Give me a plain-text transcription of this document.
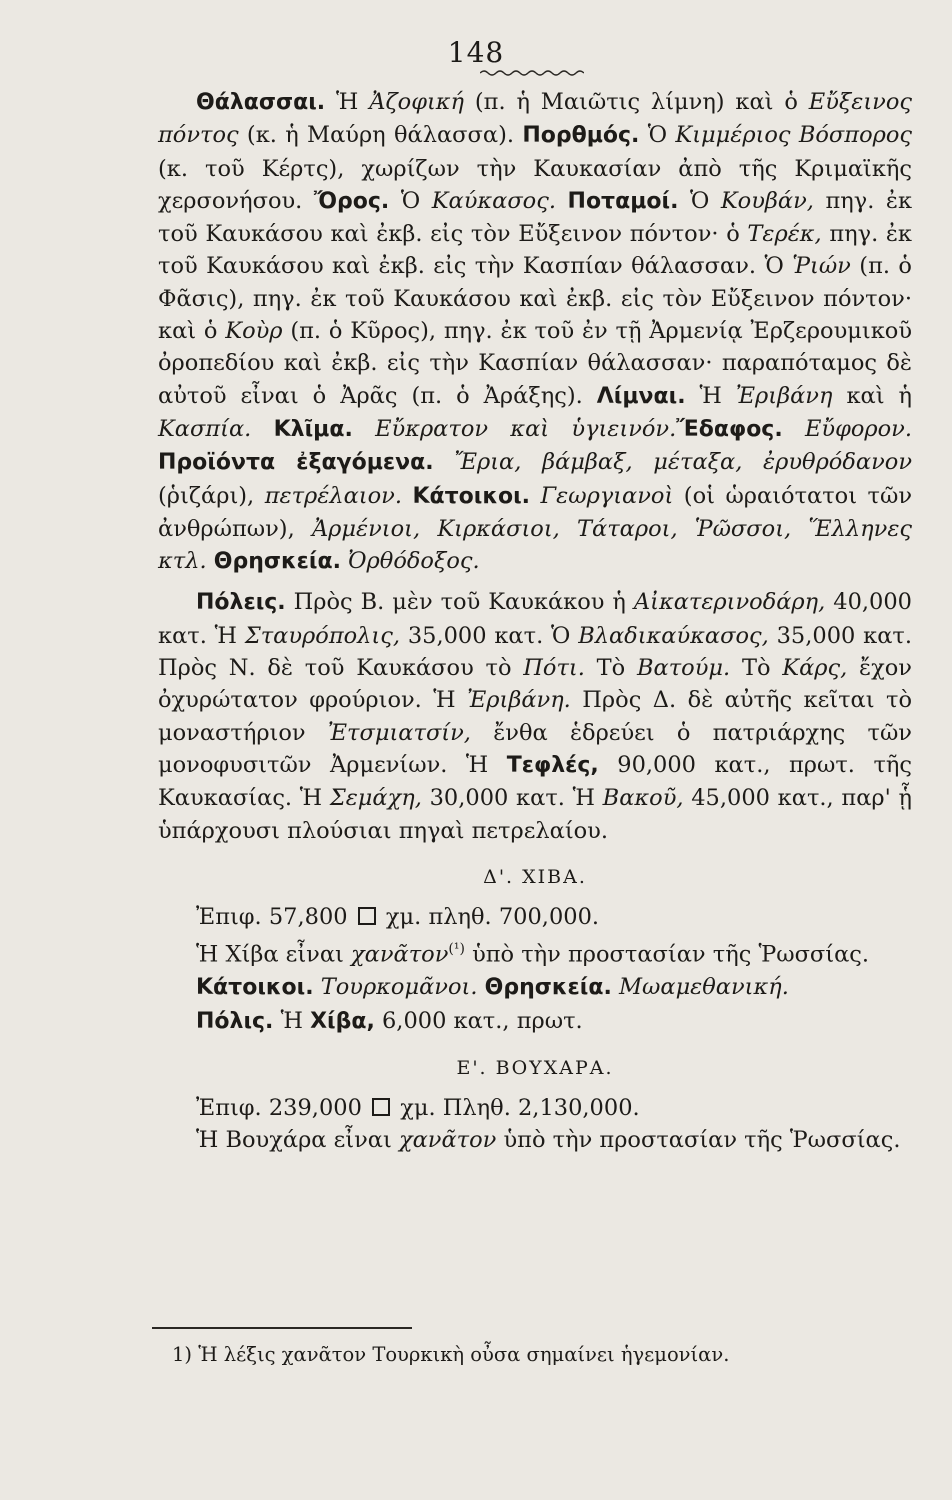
148

Θάλασσαι. Ἡ Ἀζοφική (π. ἡ Μαιῶτις λίμνη) καὶ ὁ Εὔξεινος πόντος (κ. ἡ Μαύρη θάλασσα). Πορθμός. Ὁ Κιμμέριος Βόσπορος (κ. τοῦ Κέρτς), χωρίζων τὴν Καυκασίαν ἀπὸ τῆς Κριμαϊκῆς χερσονήσου. Ὄρος. Ὁ Καύκασος. Ποταμοί. Ὁ Κουβάν, πηγ. ἐκ τοῦ Καυκάσου καὶ ἐκβ. εἰς τὸν Εὔξεινον πόντον· ὁ Τερέκ, πηγ. ἐκ τοῦ Καυκάσου καὶ ἐκβ. εἰς τὴν Κασπίαν θάλασσαν. Ὁ Ῥιών (π. ὁ Φᾶσις), πηγ. ἐκ τοῦ Καυκάσου καὶ ἐκβ. εἰς τὸν Εὔξεινον πόντον· καὶ ὁ Κοὺρ (π. ὁ Κῦρος), πηγ. ἐκ τοῦ ἐν τῇ Ἀρμενίᾳ Ἐρζερουμικοῦ ὀροπεδίου καὶ ἐκβ. εἰς τὴν Κασπίαν θάλασσαν· παραπόταμος δὲ αὐτοῦ εἶναι ὁ Ἀρᾶς (π. ὁ Ἀράξης). Λίμναι. Ἡ Ἐριβάνη καὶ ἡ Κασπία. Κλῖμα. Εὔκρατον καὶ ὑγιεινόν.Ἔδαφος. Εὔφορον. Προϊόντα ἐξαγόμενα. Ἔρια, βάμβαξ, μέταξα, ἐρυθρόδανον (ῥιζάρι), πετρέλαιον. Κάτοικοι. Γεωργιανοὶ (οἱ ὡραιότατοι τῶν ἀνθρώπων), Ἀρμένιοι, Κιρκάσιοι, Τάταροι, Ῥῶσσοι, Ἕλληνες κτλ. Θρησκεία. Ὀρθόδοξος.

Πόλεις. Πρὸς Β. μὲν τοῦ Καυκάκου ἡ Αἰκατερινοδάρη, 40,000 κατ. Ἡ Σταυρόπολις, 35,000 κατ. Ὁ Βλαδικαύκασος, 35,000 κατ. Πρὸς Ν. δὲ τοῦ Καυκάσου τὸ Πότι. Τὸ Βατούμ. Τὸ Κάρς, ἔχον ὀχυρώτατον φρούριον. Ἡ Ἐριβάνη. Πρὸς Δ. δὲ αὐτῆς κεῖται τὸ μοναστήριον Ἐτσμιατσίν, ἔνθα ἑδρεύει ὁ πατριάρχης τῶν μονοφυσιτῶν Ἀρμενίων. Ἡ Τεφλές, 90,000 κατ., πρωτ. τῆς Καυκασίας. Ἡ Σεμάχη, 30,000 κατ. Ἡ Βακοῦ, 45,000 κατ., παρ' ᾗ ὑπάρχουσι πλούσιαι πηγαὶ πετρελαίου.

Δ'. ΧΙΒΑ.

Ἐπιφ. 57,800 χμ. πληθ. 700,000.

Ἡ Χίβα εἶναι χανᾶτον$^{(^1)}$ ὑπὸ τὴν προστασίαν τῆς Ῥωσσίας.

Κάτοικοι. Τουρκομᾶνοι. Θρησκεία. Μωαμεθανική.

Πόλις. Ἡ Χίβα, 6,000 κατ., πρωτ.

Ε'. ΒΟΥΧΑΡΑ.

Ἐπιφ. 239,000 χμ. Πληθ. 2,130,000.

Ἡ Βουχάρα εἶναι χανᾶτον ὑπὸ τὴν προστασίαν τῆς Ῥωσσίας.

1) Ἡ λέξις χανᾶτον Τουρκικὴ οὖσα σημαίνει ἡγεμονίαν.
